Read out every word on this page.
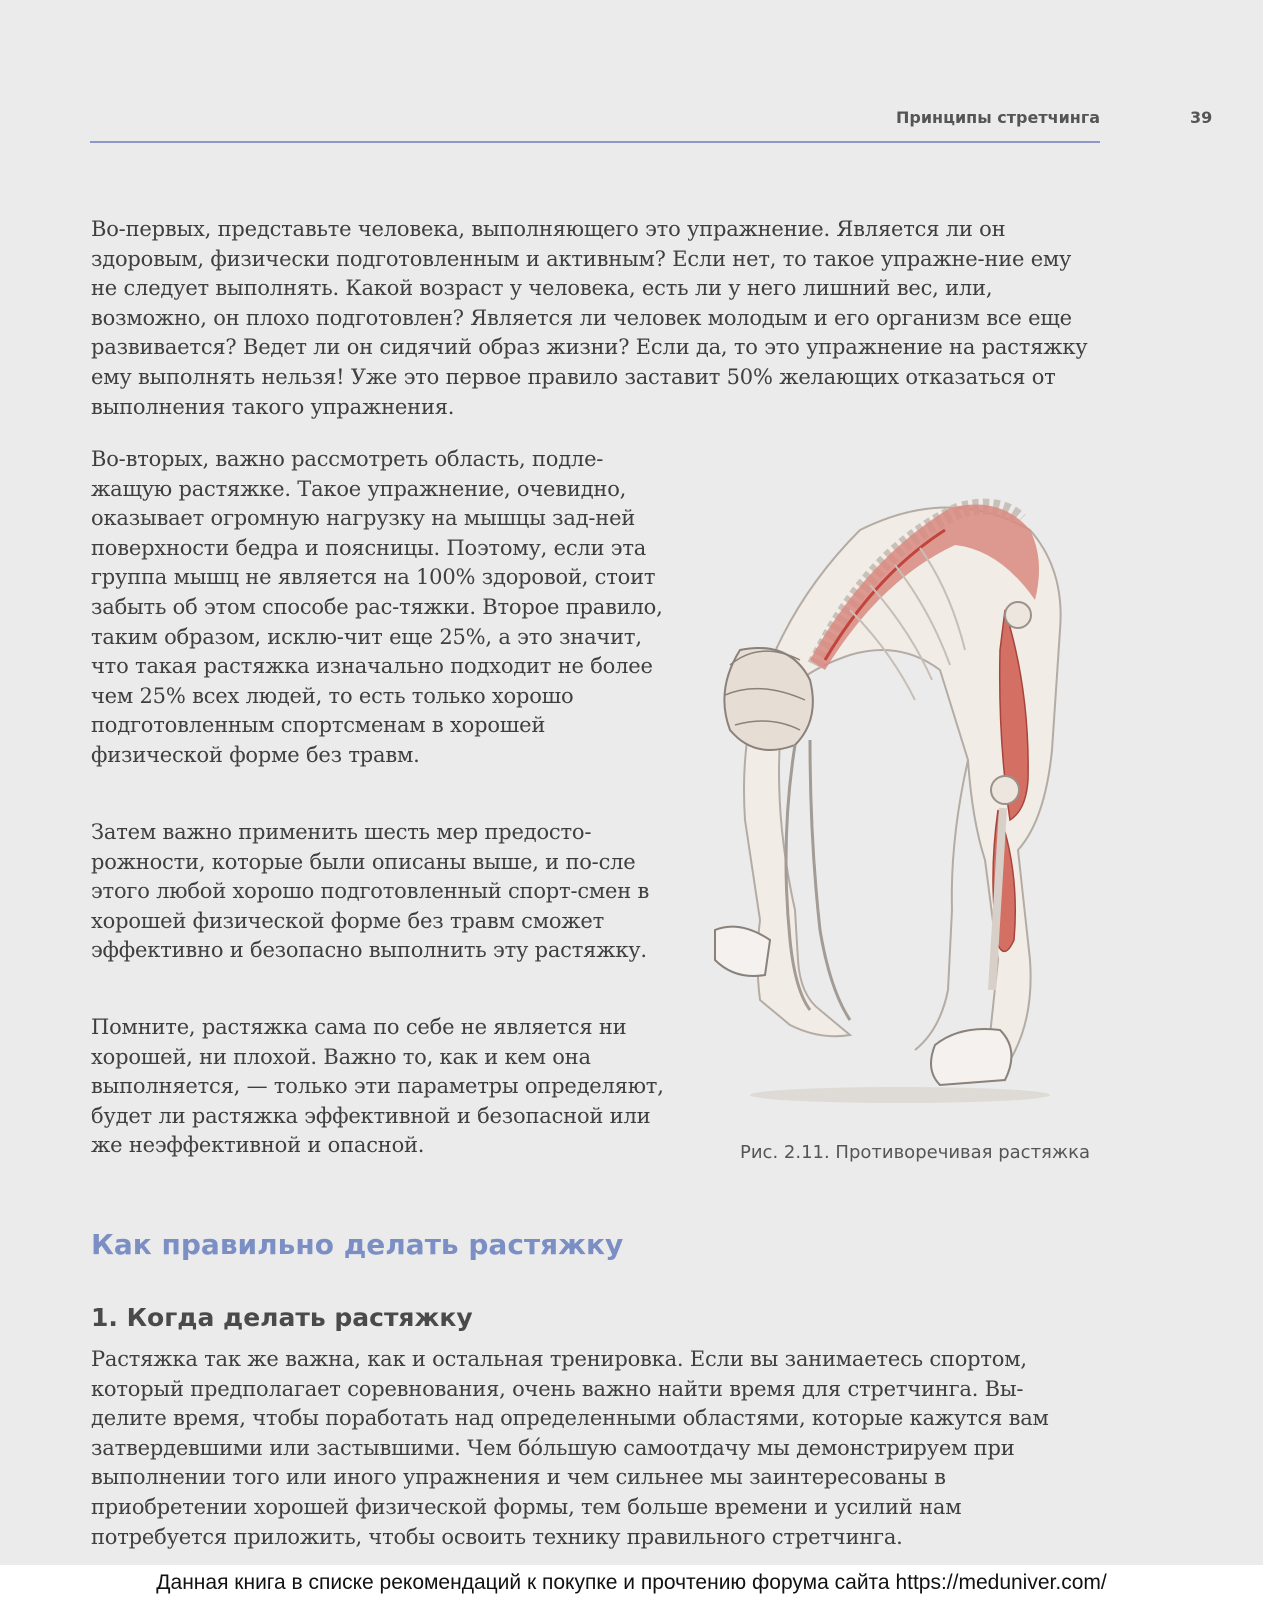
Принципы стретчинга	39

Во-первых, представьте человека, выполняющего это упражнение. Является ли он здоровым, физически подготовленным и активным? Если нет, то такое упражне-ние ему не следует выполнять. Какой возраст у человека, есть ли у него лишний вес, или, возможно, он плохо подготовлен? Является ли человек молодым и его организм все еще развивается? Ведет ли он сидячий образ жизни? Если да, то это упражнение на растяжку ему выполнять нельзя! Уже это первое правило заставит 50% желающих отказаться от выполнения такого упражнения.

Во-вторых, важно рассмотреть область, подле-жащую растяжке. Такое упражнение, очевидно, оказывает огромную нагрузку на мышцы зад-ней поверхности бедра и поясницы. Поэтому, если эта группа мышц не является на 100% здоровой, стоит забыть об этом способе рас-тяжки. Второе правило, таким образом, исклю-чит еще 25%, а это значит, что такая растяжка изначально подходит не более чем 25% всех людей, то есть только хорошо подготовленным спортсменам в хорошей физической форме без травм.

Затем важно применить шесть мер предосто-рожности, которые были описаны выше, и по-сле этого любой хорошо подготовленный спорт-смен в хорошей физической форме без травм сможет эффективно и безопасно выполнить эту растяжку.

Помните, растяжка сама по себе не является ни хорошей, ни плохой. Важно то, как и кем она выполняется, — только эти параметры определяют, будет ли растяжка эффективной и безопасной или же неэффективной и опасной.	Рис. 2.11. Противоречивая растяжка
Как правильно делать растяжку
1. Когда делать растяжку

Растяжка так же важна, как и остальная тренировка. Если вы занимаетесь спортом, который предполагает соревнования, очень важно найти время для стретчинга. Вы-делите время, чтобы поработать над определенными областями, которые кажутся вам затвердевшими или застывшими. Чем бо́льшую самоотдачу мы демонстрируем при выполнении того или иного упражнения и чем сильнее мы заинтересованы в приобретении хорошей физической формы, тем больше времени и усилий нам потребуется приложить, чтобы освоить технику правильного стретчинга.

Данная книга в списке рекомендаций к покупке и прочтению форума сайта https://meduniver.com/
